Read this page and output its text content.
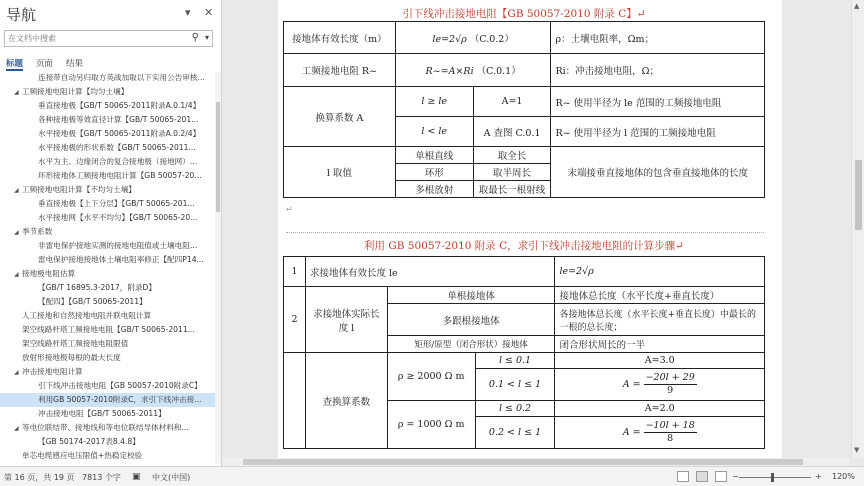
导航	▾ ✕
在文档中搜索
⚲ ▾
标题 页面 结果
连接带自动另归取方英战加取以下实用公告审核...
◢ 工频接地电阻计算【均匀土壤】
垂直接地极【GB/T 50065-2011附录A.0.1/4】
各种接地极等效直径计算【GB/T 50065-201...
水平接地极【GB/T 50065-2011附录A.0.2/4】
水平接地极的形状系数【GB/T 50065-2011...
水平为主、边缘闭合的复合接地极（接地网）...
环形接地体工频接地电阻计算【GB 50057-20...
◢ 工频接地电阻计算【不均匀土壤】
垂直接地极【上下分层】【GB/T 50065-201...
水平接地网【水平不均匀】【GB/T 50065-20...
◢ 季节系数
非雷电保护接地实测的接地电阻值或土壤电阻...
雷电保护接地接地体土壤电阻率修正【配四P14...
◢ 接地极电阻估算
【GB/T 16895.3-2017，附录D】
【配四】【GB/T 50065-2011】
人工接地和自然接地电阻并联电阻计算
架空线路杆塔工频接地电阻【GB/T 50065-2011...
架空线路杆塔工频接地电阻限值
放射形接地极每根的最大长度
◢ 冲击接地电阻计算
引下线冲击接地电阻【GB 50057-2010附录C】
利用GB 50057-2010附录C，求引下线冲击接...
冲击接地电阻【GB/T 50065-2011】
◢ 等电位联结带、接地线和等电位联结导体材料和...
【GB 50174-2017表8.4.8】
单芯电缆感应电压限值+热稳定校验
引下线冲击接地电阻【GB 50057-2010 附录 C】↵
接地体有效长度（m）	le=2√ρ （C.0.2）		ρ：土壤电阻率，Ωm；
工频接地电阻 R~	R~=A×Ri （C.0.1）		Ri：冲击接地电阻，Ω；
换算系数 A	l ≥ le	A=1	R~ 使用半径为 le 范围的工频接地电阻
	l < le	A 查图 C.0.1	R~ 使用半径为 l 范围的工频接地电阻
l 取值	单根直线	取全长	末端接垂直接地体的包含垂直接地体的长度
	环形	取半周长	
	多根放射	取最长一根射线	
↵
利用 GB 50057-2010 附录 C，求引下线冲击接地电阻的计算步骤↵
1	求接地体有效长度 le			le=2√ρ
2	求接地体实际长度 l	单根接地体		接地体总长度（水平长度+垂直长度）
		多跟根接地体		各接地体总长度（水平长度+垂直长度）中最长的一根的总长度；
		矩形/原型（闭合形状）接地体		闭合形状周长的一半
	查换算系数	ρ ≥ 2000 Ω m	l ≤ 0.1	A=3.0
			0.1 < l ≤ 1	$A = \frac{-20l + 29}{9}$

		ρ = 1000 Ω m	l ≤ 0.2	A=2.0
			0.2 < l ≤ 1	$A = \frac{-10l + 18}{8}$
▲
▼
第 16 页，共 19 页 7813 个字 ▣ 中文(中国)	−	+ 120%
